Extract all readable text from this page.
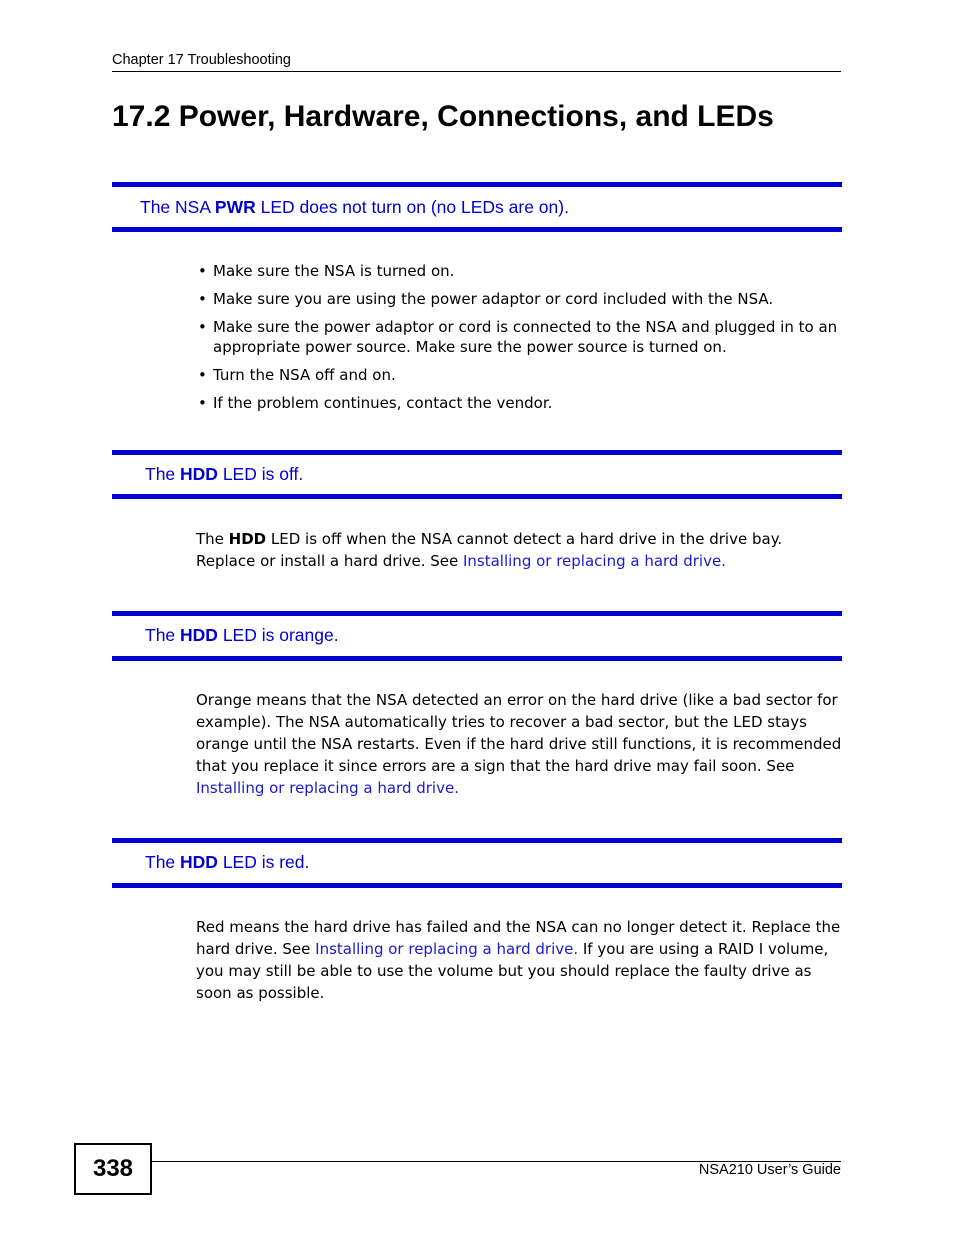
Chapter 17 Troubleshooting
17.2 Power, Hardware, Connections, and LEDs
The NSA PWR LED does not turn on (no LEDs are on).
• Make sure the NSA is turned on.
• Make sure you are using the power adaptor or cord included with the NSA.
• Make sure the power adaptor or cord is connected to the NSA and plugged in to an appropriate power source. Make sure the power source is turned on.
• Turn the NSA off and on.
• If the problem continues, contact the vendor.
The HDD LED is off.

The HDD LED is off when the NSA cannot detect a hard drive in the drive bay. Replace or install a hard drive. See Installing or replacing a hard drive.

The HDD LED is orange.

Orange means that the NSA detected an error on the hard drive (like a bad sector for example). The NSA automatically tries to recover a bad sector, but the LED stays orange until the NSA restarts. Even if the hard drive still functions, it is recommended that you replace it since errors are a sign that the hard drive may fail soon. See Installing or replacing a hard drive.

The HDD LED is red.

Red means the hard drive has failed and the NSA can no longer detect it. Replace the hard drive. See Installing or replacing a hard drive. If you are using a RAID I volume, you may still be able to use the volume but you should replace the faulty drive as soon as possible.

338	NSA210 User’s Guide
